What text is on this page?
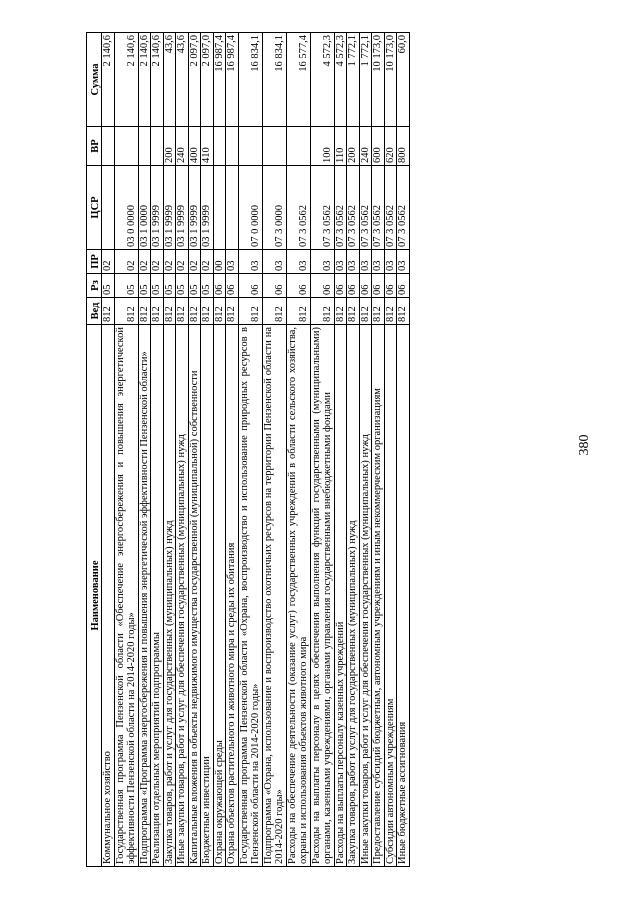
380
Наименование	Вед	Рз	ПР	ЦСР	ВР	Сумма
Коммунальное хозяйство	812	05	02			2 140,6
Государственная программа Пензенской области «Обеспечение энергосбережения и повышения энергетической эффективности Пензенской области на 2014-2020 годы»	812	05	02	03 0 0000		2 140,6
Подпрограмма «Программа энергосбережения и повышения энергетической эффективности Пензенской области»	812	05	02	03 1 0000		2 140,6
Реализация отдельных мероприятий подпрограммы	812	05	02	03 1 9999		2 140,6
Закупка товаров, работ и услуг для государственных (муниципальных) нужд	812	05	02	03 1 9999	200	43,6
Иные закупки товаров, работ и услуг для обеспечения государственных (муниципальных) нужд	812	05	02	03 1 9999	240	43,6
Капитальные вложения в объекты недвижимого имущества государственной (муниципальной) собственности	812	05	02	03 1 9999	400	2 097,0
Бюджетные инвестиции	812	05	02	03 1 9999	410	2 097,0
Охрана окружающей среды	812	06	00			16 987,4
Охрана объектов растительного и животного мира и среды их обитания	812	06	03			16 987,4
Государственная программа Пензенской области «Охрана, воспроизводство и использование природных ресурсов в Пензенской области на 2014-2020 годы»	812	06	03	07 0 0000		16 834,1
Подпрограмма «Охрана, использование и воспроизводство охотничьих ресурсов на территории Пензенской области на 2014-2020 годы»	812	06	03	07 3 0000		16 834,1
Расходы на обеспечение деятельности (оказание услуг) государственных учреждений в области сельского хозяйства, охраны и использования объектов животного мира	812	06	03	07 3 0562		16 577,4
Расходы на выплаты персоналу в целях обеспечения выполнения функций государственными (муниципальными) органами, казенными учреждениями, органами управления государственными внебюджетными фондами	812	06	03	07 3 0562	100	4 572,3
Расходы на выплаты персоналу казенных учреждений	812	06	03	07 3 0562	110	4 572,3
Закупка товаров, работ и услуг для государственных (муниципальных) нужд	812	06	03	07 3 0562	200	1 772,1
Иные закупки товаров, работ и услуг для обеспечения государственных (муниципальных) нужд	812	06	03	07 3 0562	240	1 772,1
Предоставление субсидий бюджетным, автономным учреждениям и иным некоммерческим организациям	812	06	03	07 3 0562	600	10 173,0
Субсидии автономным учреждениям	812	06	03	07 3 0562	620	10 173,0
Иные бюджетные ассигнования	812	06	03	07 3 0562	800	60,0
